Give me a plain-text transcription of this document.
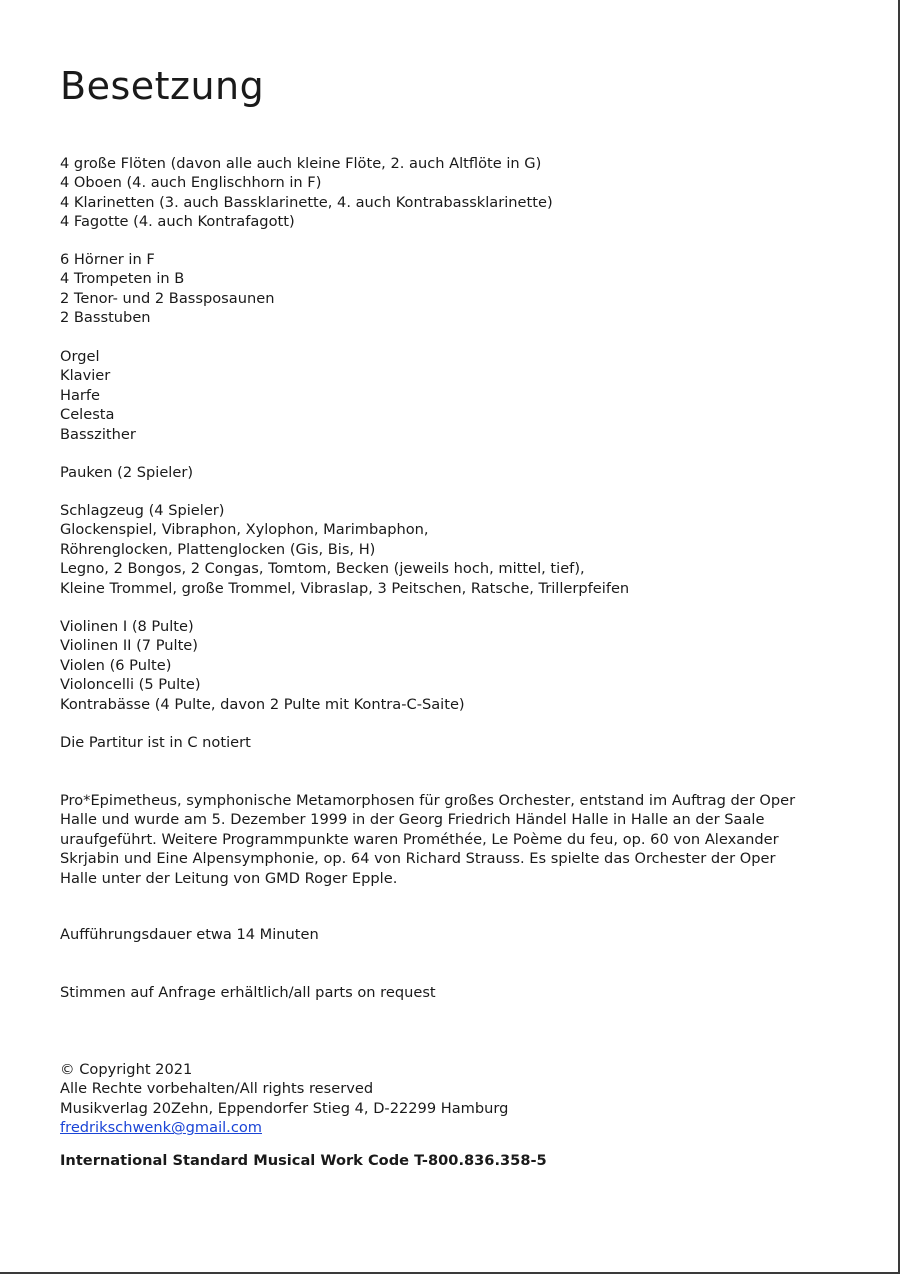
Besetzung
4 große Flöten (davon alle auch kleine Flöte, 2. auch Altflöte in G)
4 Oboen (4. auch Englischhorn in F)
4 Klarinetten (3. auch Bassklarinette, 4. auch Kontrabassklarinette)
4 Fagotte (4. auch Kontrafagott)
6 Hörner in F
4 Trompeten in B
2 Tenor- und 2 Bassposaunen
2 Basstuben
Orgel
Klavier
Harfe
Celesta
Basszither
Pauken (2 Spieler)
Schlagzeug (4 Spieler)
Glockenspiel, Vibraphon, Xylophon, Marimbaphon,
Röhrenglocken, Plattenglocken (Gis, Bis, H)
Legno, 2 Bongos, 2 Congas, Tomtom, Becken (jeweils hoch, mittel, tief),
Kleine Trommel, große Trommel, Vibraslap, 3 Peitschen, Ratsche, Trillerpfeifen
Violinen I (8 Pulte)
Violinen II (7 Pulte)
Violen (6 Pulte)
Violoncelli (5 Pulte)
Kontrabässe (4 Pulte, davon 2 Pulte mit Kontra-C-Saite)
Die Partitur ist in C notiert
Pro*Epimetheus, symphonische Metamorphosen für großes Orchester, entstand im Auftrag der Oper
Halle und wurde am 5. Dezember 1999 in der Georg Friedrich Händel Halle in Halle an der Saale
uraufgeführt. Weitere Programmpunkte waren Prométhée, Le Poème du feu, op. 60 von Alexander
Skrjabin und Eine Alpensymphonie, op. 64 von Richard Strauss. Es spielte das Orchester der Oper
Halle unter der Leitung von GMD Roger Epple.
Aufführungsdauer etwa 14 Minuten
Stimmen auf Anfrage erhältlich/all parts on request
© Copyright 2021
Alle Rechte vorbehalten/All rights reserved
Musikverlag 20Zehn, Eppendorfer Stieg 4, D-22299 Hamburg
fredrikschwenk@gmail.com
International Standard Musical Work Code T-800.836.358-5
